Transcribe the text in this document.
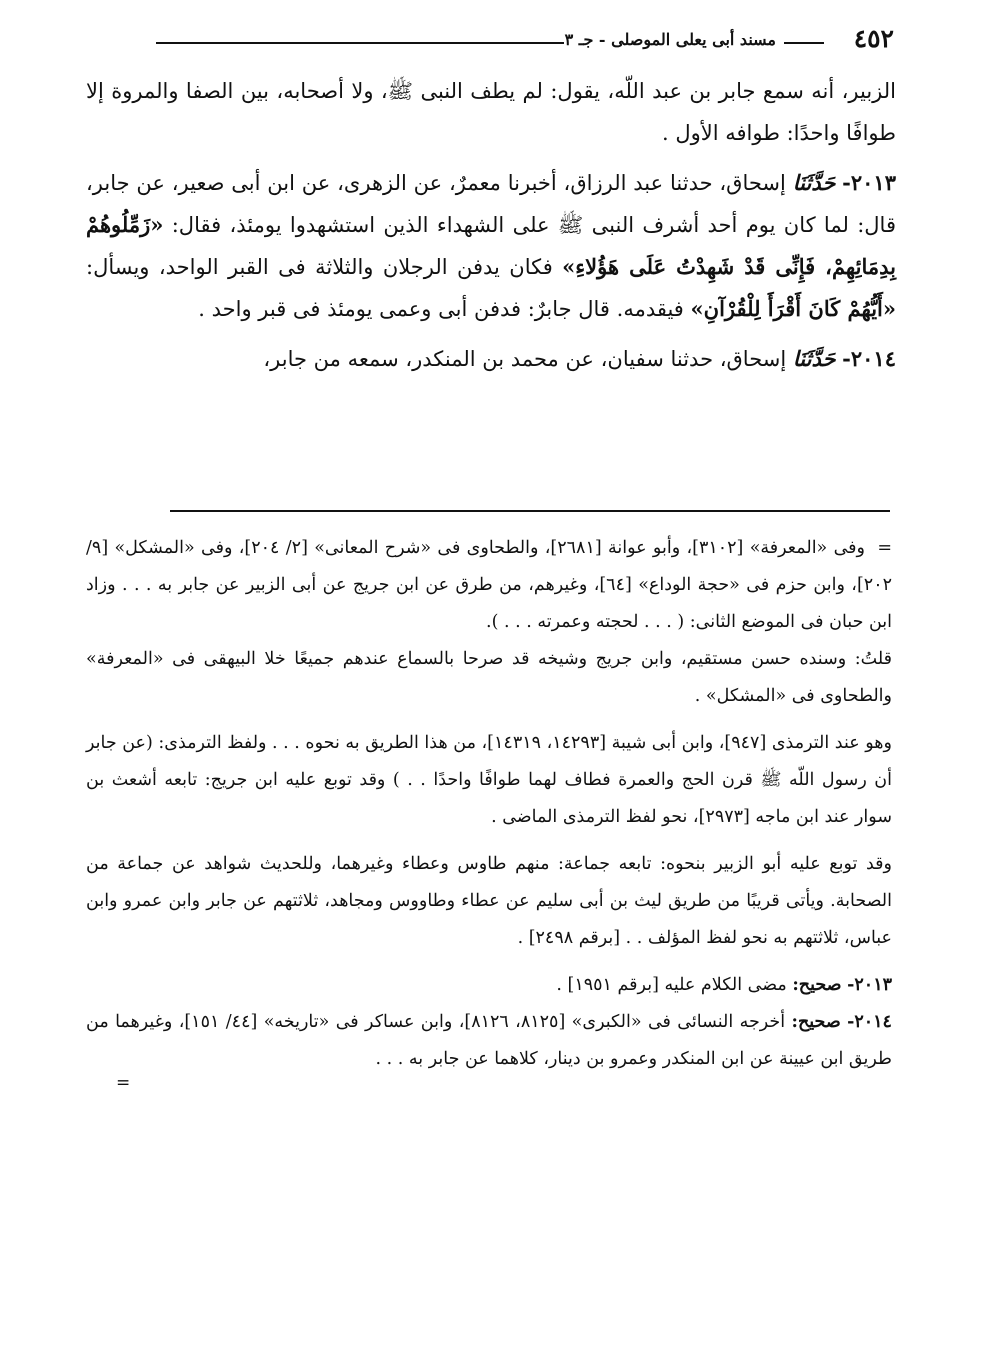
٤٥٢
مسند أبى يعلى الموصلى - جـ ٣

الزبير، أنه سمع جابر بن عبد اللّه، يقول: لم يطف النبى ﷺ، ولا أصحابه، بين الصفا والمروة إلا طوافًا واحدًا: طوافه الأول .

٢٠١٣- حَدَّثَنَا إسحاق، حدثنا عبد الرزاق، أخبرنا معمرٌ، عن الزهرى، عن ابن أبى صعير، عن جابر، قال: لما كان يوم أحد أشرف النبى ﷺ على الشهداء الذين استشهدوا يومئذ، فقال: «زَمِّلُوهُمْ بِدِمَائِهِمْ، فَإِنِّى قَدْ شَهِدْتُ عَلَى هَؤُلاءِ» فكان يدفن الرجلان والثلاثة فى القبر الواحد، ويسأل: «أَيُّهُمْ كَانَ أَقْرَأَ لِلْقُرْآنِ» فيقدمه. قال جابرٌ: فدفن أبى وعمى يومئذ فى قبر واحد .

٢٠١٤- حَدَّثَنَا إسحاق، حدثنا سفيان، عن محمد بن المنكدر، سمعه من جابر،

= وفى «المعرفة» [٣١٠٢]، وأبو عوانة [٢٦٨١]، والطحاوى فى «شرح المعانى» [٢/ ٢٠٤]، وفى «المشكل» [٩/ ٢٠٢]، وابن حزم فى «حجة الوداع» [٦٤]، وغيرهم، من طرق عن ابن جريج عن أبى الزبير عن جابر به . . . وزاد ابن حبان فى الموضع الثانى: ( . . . لحجته وعمرته . . . ).

قلتُ: وسنده حسن مستقيم، وابن جريج وشيخه قد صرحا بالسماع عندهم جميعًا خلا البيهقى فى «المعرفة» والطحاوى فى «المشكل» .

وهو عند الترمذى [٩٤٧]، وابن أبى شيبة [١٤٢٩٣، ١٤٣١٩]، من هذا الطريق به نحوه . . . ولفظ الترمذى: (عن جابر أن رسول اللّه ﷺ قرن الحج والعمرة فطاف لهما طوافًا واحدًا . . ) وقد توبع عليه ابن جريج: تابعه أشعث بن سوار عند ابن ماجه [٢٩٧٣]، نحو لفظ الترمذى الماضى .

وقد توبع عليه أبو الزبير بنحوه: تابعه جماعة: منهم طاوس وعطاء وغيرهما، وللحديث شواهد عن جماعة من الصحابة. ويأتى قريبًا من طريق ليث بن أبى سليم عن عطاء وطاووس ومجاهد، ثلاثتهم عن جابر وابن عمرو وابن عباس، ثلاثتهم به نحو لفظ المؤلف . . [برقم ٢٤٩٨] .

٢٠١٣- صحيح: مضى الكلام عليه [برقم ١٩٥١] .

٢٠١٤- صحيح: أخرجه النسائى فى «الكبرى» [٨١٢٥، ٨١٢٦]، وابن عساكر فى «تاريخه» [٤٤/ ١٥١]، وغيرهما من طريق ابن عيينة عن ابن المنكدر وعمرو بن دينار، كلاهما عن جابر به . . .

=
